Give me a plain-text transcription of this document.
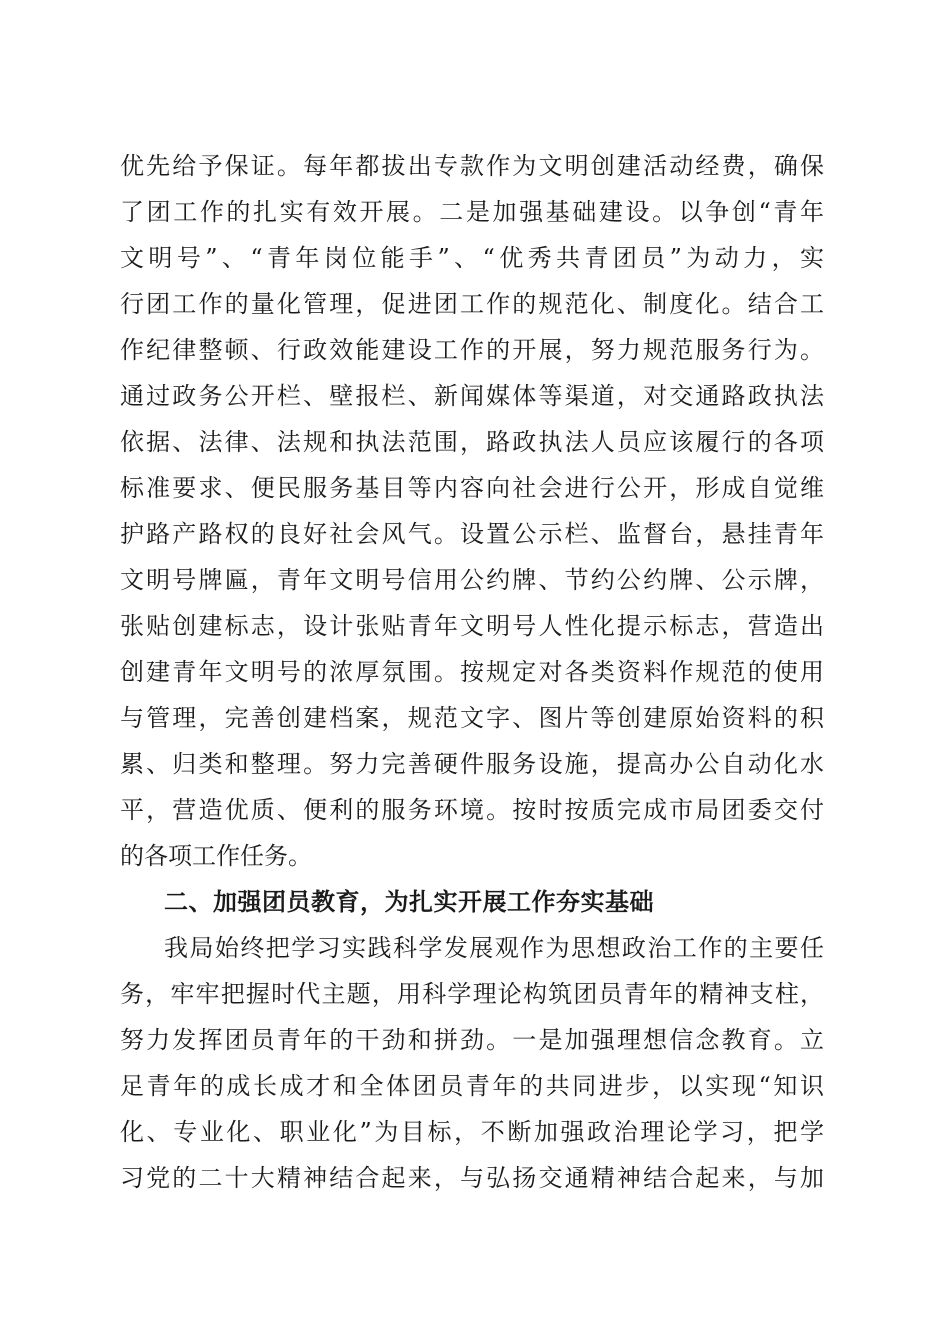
优先给予保证。每年都拔出专款作为文明创建活动经费，确保
了团工作的扎实有效开展。二是加强基础建设。以争创“青年
文明号”、“青年岗位能手”、“优秀共青团员”为动力，实
行团工作的量化管理，促进团工作的规范化、制度化。结合工
作纪律整顿、行政效能建设工作的开展，努力规范服务行为。
通过政务公开栏、壁报栏、新闻媒体等渠道，对交通路政执法
依据、法律、法规和执法范围，路政执法人员应该履行的各项
标准要求、便民服务基目等内容向社会进行公开，形成自觉维
护路产路权的良好社会风气。设置公示栏、监督台，悬挂青年
文明号牌匾，青年文明号信用公约牌、节约公约牌、公示牌，
张贴创建标志，设计张贴青年文明号人性化提示标志，营造出
创建青年文明号的浓厚氛围。按规定对各类资料作规范的使用
与管理，完善创建档案，规范文字、图片等创建原始资料的积
累、归类和整理。努力完善硬件服务设施，提高办公自动化水
平，营造优质、便利的服务环境。按时按质完成市局团委交付
的各项工作任务。
二、加强团员教育，为扎实开展工作夯实基础
我局始终把学习实践科学发展观作为思想政治工作的主要任
务，牢牢把握时代主题，用科学理论构筑团员青年的精神支柱，
努力发挥团员青年的干劲和拼劲。一是加强理想信念教育。立
足青年的成长成才和全体团员青年的共同进步，以实现“知识
化、专业化、职业化”为目标，不断加强政治理论学习，把学
习党的二十大精神结合起来，与弘扬交通精神结合起来，与加
